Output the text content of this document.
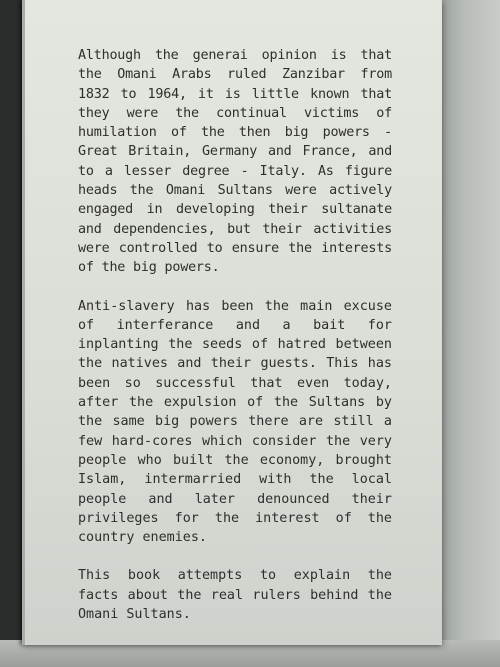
Although the generai opinion is that the Omani Arabs ruled Zanzibar from 1832 to 1964, it is little known that they were the continual victims of humilation of the then big powers - Great Britain, Germany and France, and to a lesser degree - Italy. As figure heads the Omani Sultans were actively engaged in developing their sultanate and dependencies, but their activities were controlled to ensure the interests of the big powers.

Anti-slavery has been the main excuse of interferance and a bait for inplanting the seeds of hatred between the natives and their guests. This has been so successful that even today, after the expulsion of the Sultans by the same big powers there are still a few hard-cores which consider the very people who built the economy, brought Islam, intermarried with the local people and later denounced their privileges for the interest of the country enemies.

This book attempts to explain the facts about the real rulers behind the Omani Sultans.
